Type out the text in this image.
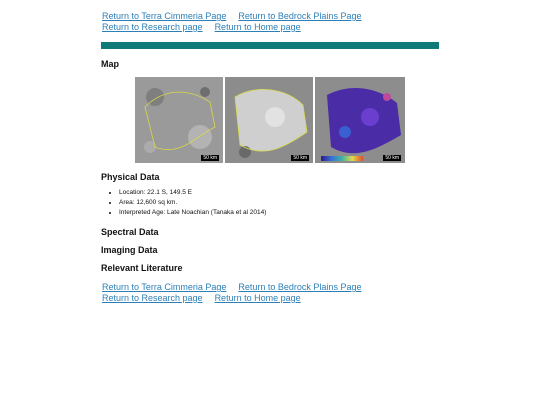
Return to Terra Cimmeria Page Return to Bedrock Plains Page
Return to Research page Return to Home page
Map
50 km	50 km	50 km
Physical Data
• Location: 22.1 S, 149.5 E
• Area: 12,600 sq km.
• Interpreted Age: Late Noachian (Tanaka et al 2014)
Spectral Data
Imaging Data
Relevant Literature
Return to Terra Cimmeria Page Return to Bedrock Plains Page
Return to Research page Return to Home page
